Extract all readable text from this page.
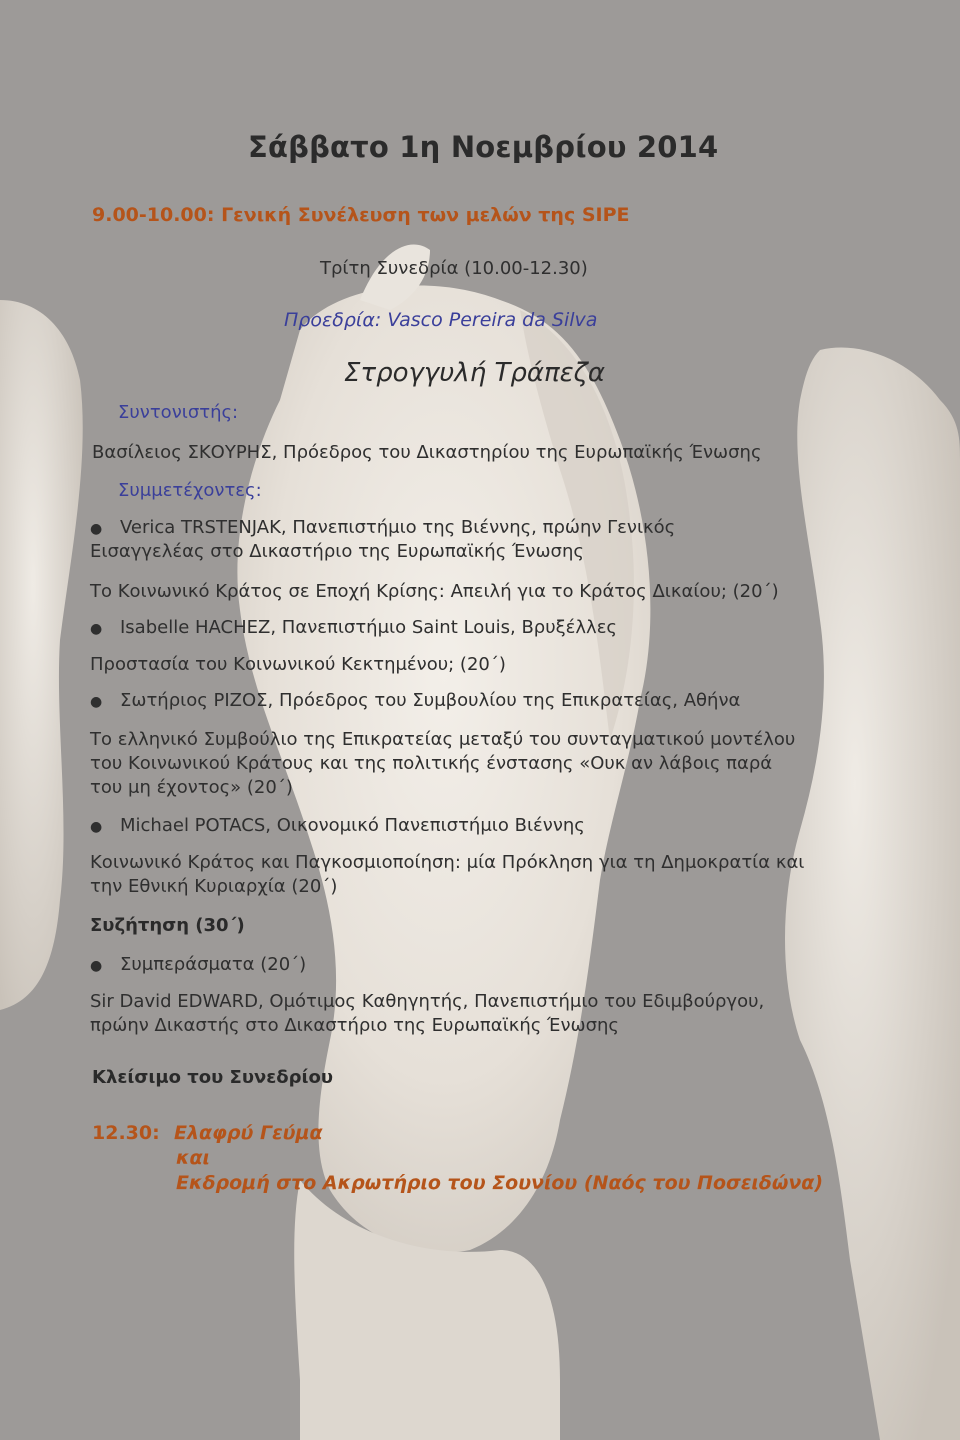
Σάββατο 1η Νοεμβρίου 2014
9.00-10.00: Γενική Συνέλευση των μελών της SIPE
Τρίτη Συνεδρία (10.00-12.30)
Προεδρία: Vasco Pereira da Silva
Στρογγυλή Τράπεζα
Συντονιστής:
Βασίλειος ΣΚΟΥΡΗΣ, Πρόεδρος του Δικαστηρίου της Ευρωπαϊκής Ένωσης
Συμμετέχοντες:
● Verica TRSTENJAK, Πανεπιστήμιο της Βιέννης, πρώην Γενικός
Εισαγγελέας στο Δικαστήριο της Ευρωπαϊκής Ένωσης
Το Κοινωνικό Κράτος σε Εποχή Κρίσης: Απειλή για το Κράτος Δικαίου; (20΄)
● Isabelle HACHEZ, Πανεπιστήμιο Saint Louis, Βρυξέλλες
Προστασία του Κοινωνικού Κεκτημένου; (20΄)
● Σωτήριος ΡΙΖΟΣ, Πρόεδρος του Συμβουλίου της Επικρατείας, Αθήνα
Το ελληνικό Συμβούλιο της Επικρατείας μεταξύ του συνταγματικού μοντέλου
του Κοινωνικού Κράτους και της πολιτικής ένστασης «Ουκ αν λάβοις παρά
του μη έχοντος» (20΄)
● Michael POTACS, Οικονομικό Πανεπιστήμιο Βιέννης
Κοινωνικό Κράτος και Παγκοσμιοποίηση: μία Πρόκληση για τη Δημοκρατία και
την Εθνική Κυριαρχία (20΄)
Συζήτηση (30΄)
● Συμπεράσματα (20΄)
Sir David EDWARD, Ομότιμος Καθηγητής, Πανεπιστήμιο του Εδιμβούργου,
πρώην Δικαστής στο Δικαστήριο της Ευρωπαϊκής Ένωσης
Κλείσιμο του Συνεδρίου
12.30: Ελαφρύ Γεύμα
και
Εκδρομή στο Ακρωτήριο του Σουνίου (Ναός του Ποσειδώνα)
